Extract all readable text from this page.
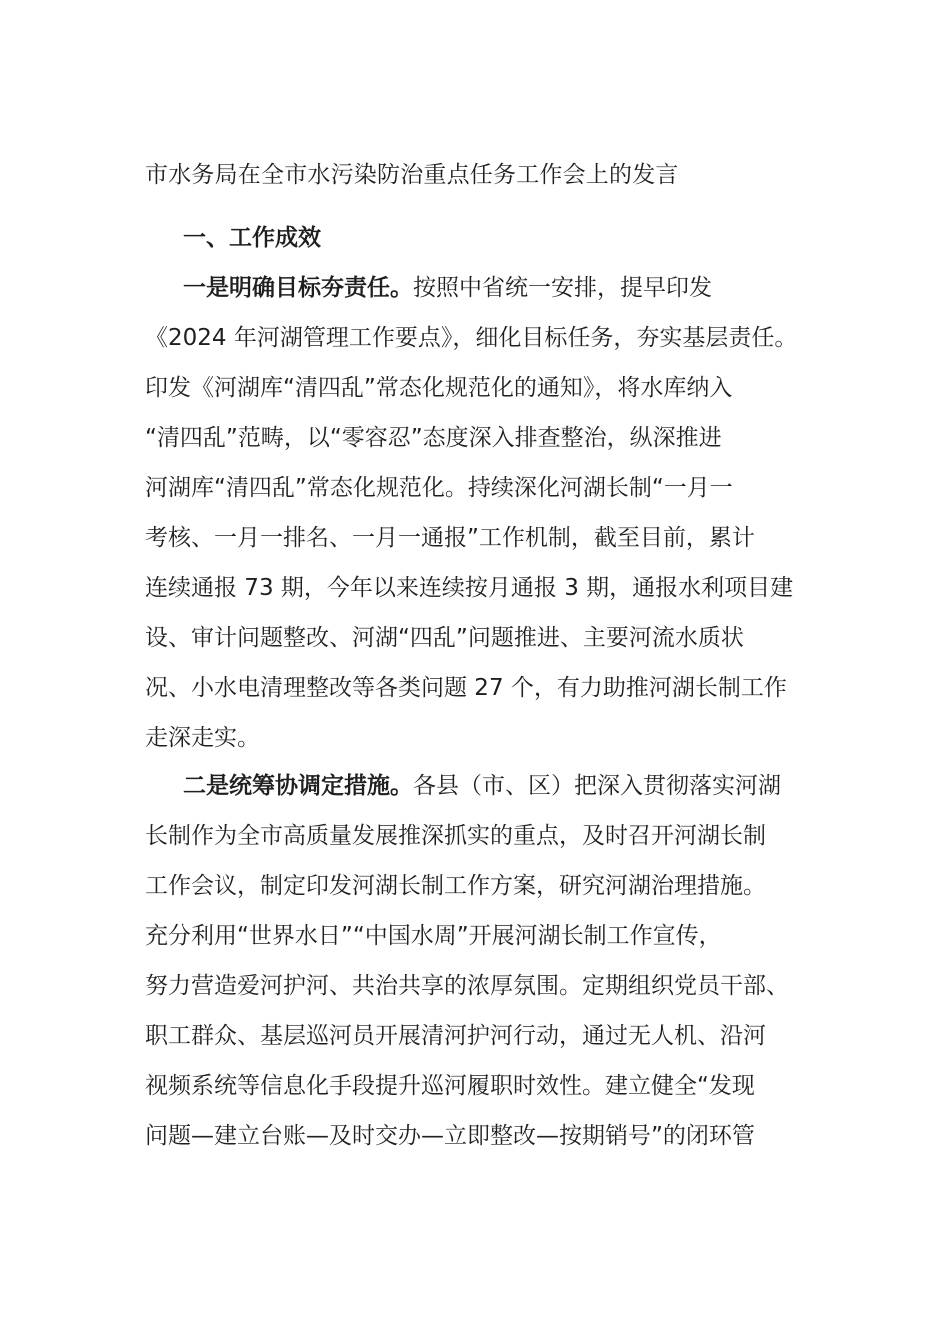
市水务局在全市水污染防治重点任务工作会上的发言
一、工作成效
一是明确目标夯责任。按照中省统一安排，提早印发
《2024 年河湖管理工作要点》，细化目标任务，夯实基层责任。
印发《河湖库“清四乱”常态化规范化的通知》，将水库纳入
“清四乱”范畴，以“零容忍”态度深入排查整治，纵深推进
河湖库“清四乱”常态化规范化。持续深化河湖长制“一月一
考核、一月一排名、一月一通报”工作机制，截至目前，累计
连续通报 73 期，今年以来连续按月通报 3 期，通报水利项目建
设、审计问题整改、河湖“四乱”问题推进、主要河流水质状
况、小水电清理整改等各类问题 27 个，有力助推河湖长制工作
走深走实。
二是统筹协调定措施。各县（市、区）把深入贯彻落实河湖
长制作为全市高质量发展推深抓实的重点，及时召开河湖长制
工作会议，制定印发河湖长制工作方案，研究河湖治理措施。
充分利用“世界水日”“中国水周”开展河湖长制工作宣传，
努力营造爱河护河、共治共享的浓厚氛围。定期组织党员干部、
职工群众、基层巡河员开展清河护河行动，通过无人机、沿河
视频系统等信息化手段提升巡河履职时效性。建立健全“发现
问题—建立台账—及时交办—立即整改—按期销号”的闭环管
